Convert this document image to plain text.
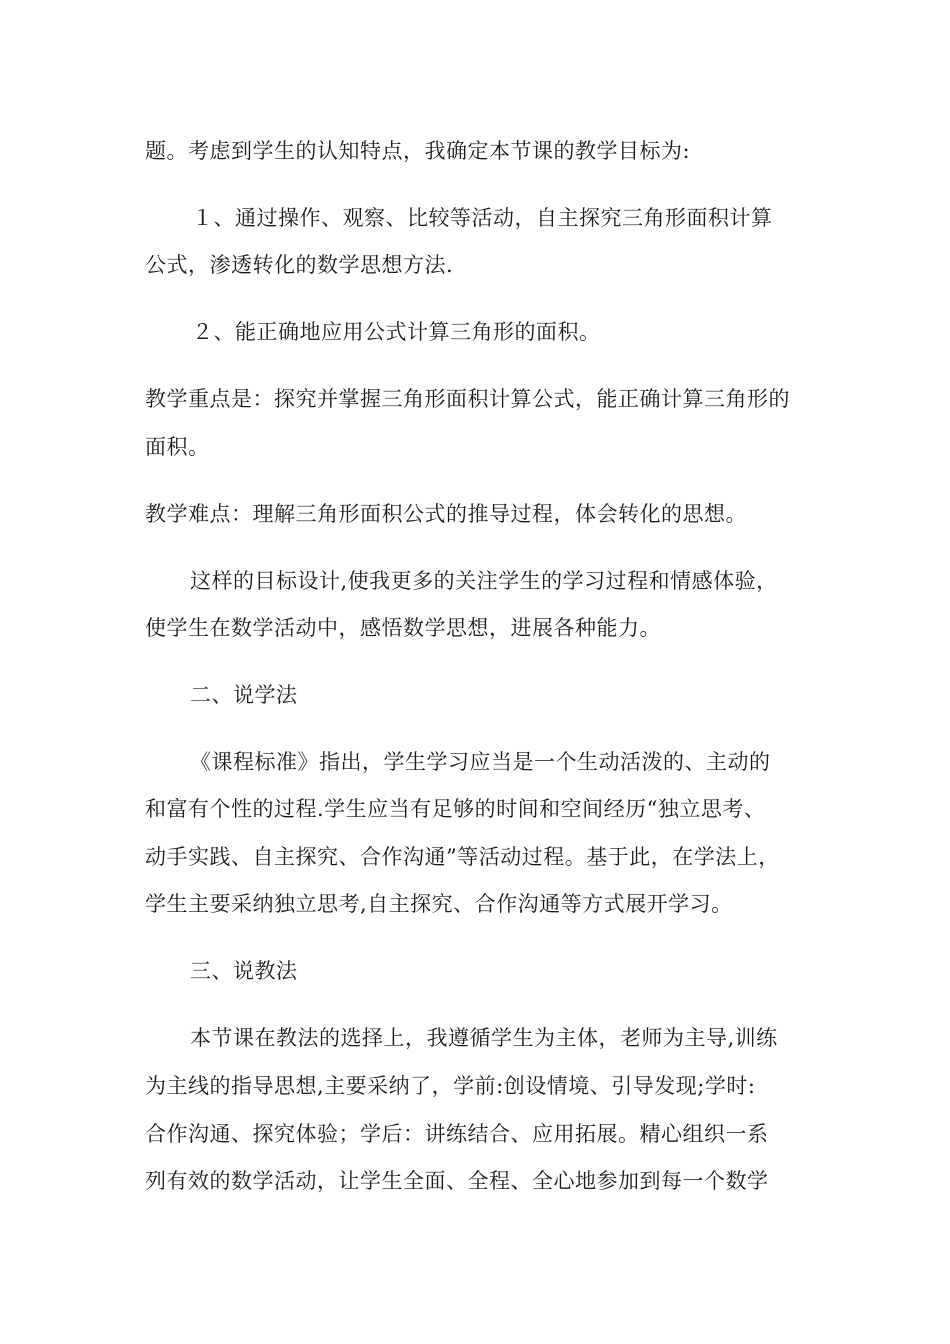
题。考虑到学生的认知特点，我确定本节课的教学目标为:
１、通过操作、观察、比较等活动，自主探究三角形面积计算
公式，渗透转化的数学思想方法.
２、能正确地应用公式计算三角形的面积。
教学重点是：探究并掌握三角形面积计算公式，能正确计算三角形的
面积。
教学难点：理解三角形面积公式的推导过程，体会转化的思想。
这样的目标设计,使我更多的关注学生的学习过程和情感体验，
使学生在数学活动中，感悟数学思想，进展各种能力。
二、说学法
《课程标准》指出，学生学习应当是一个生动活泼的、主动的
和富有个性的过程.学生应当有足够的时间和空间经历“独立思考、
动手实践、自主探究、合作沟通”等活动过程。基于此，在学法上，
学生主要采纳独立思考,自主探究、合作沟通等方式展开学习。
三、说教法
本节课在教法的选择上，我遵循学生为主体，老师为主导,训练
为主线的指导思想,主要采纳了，学前:创设情境、引导发现;学时:
合作沟通、探究体验；学后：讲练结合、应用拓展。精心组织一系
列有效的数学活动，让学生全面、全程、全心地参加到每一个数学
